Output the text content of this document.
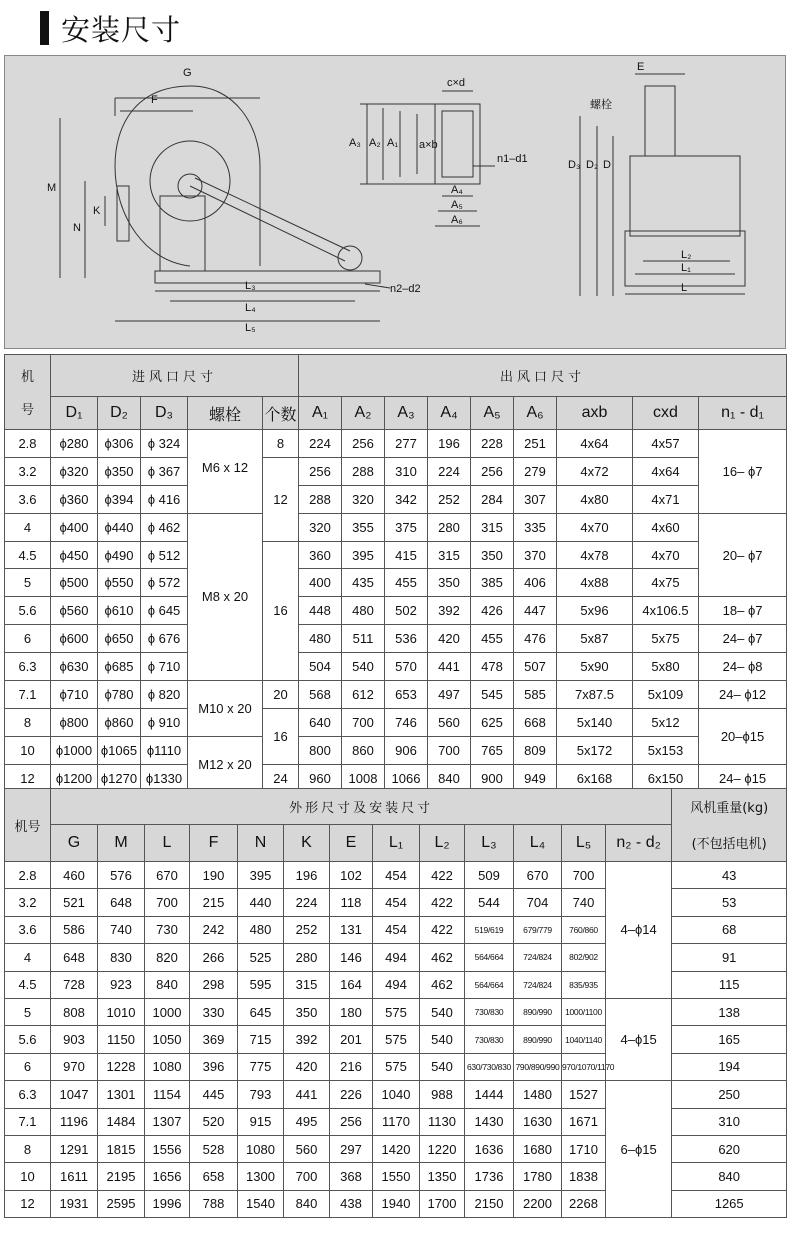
安装尺寸
G
F
M
N
K
L₃
L₄
L₅
n2–d2
c×d
a×b
A₃ A₂ A₁
A₄
A₅
A₆
n1–d1
E
螺栓
D₃ D₂ D
L₂
L₁
L
机
号	进风口尺寸					出风口尺寸								
	D₁	D₂	D₃	螺栓	个数	A₁	A₂	A₃	A₄	A₅	A₆	axb	cxd	n₁ - d₁
2.8	ϕ280	ϕ306	ϕ 324	M6 x 12	8	224	256	277	196	228	251	4x64	4x57	16– ϕ7
3.2	ϕ320	ϕ350	ϕ 367		12	256	288	310	224	256	279	4x72	4x64	
3.6	ϕ360	ϕ394	ϕ 416			288	320	342	252	284	307	4x80	4x71	
4	ϕ400	ϕ440	ϕ 462	M8 x 20		320	355	375	280	315	335	4x70	4x60	20– ϕ7
4.5	ϕ450	ϕ490	ϕ 512		16	360	395	415	315	350	370	4x78	4x70	
5	ϕ500	ϕ550	ϕ 572			400	435	455	350	385	406	4x88	4x75	
5.6	ϕ560	ϕ610	ϕ 645			448	480	502	392	426	447	5x96	4x106.5	18– ϕ7
6	ϕ600	ϕ650	ϕ 676			480	511	536	420	455	476	5x87	5x75	24– ϕ7
6.3	ϕ630	ϕ685	ϕ 710			504	540	570	441	478	507	5x90	5x80	24– ϕ8
7.1	ϕ710	ϕ780	ϕ 820	M10 x 20	20	568	612	653	497	545	585	7x87.5	5x109	24– ϕ12
8	ϕ800	ϕ860	ϕ 910		16	640	700	746	560	625	668	5x140	5x12	20–ϕ15
10	ϕ1000	ϕ1065	ϕ1110	M12 x 20		800	860	906	700	765	809	5x172	5x153	
12	ϕ1200	ϕ1270	ϕ1330		24	960	1008	1066	840	900	949	6x168	6x150	24– ϕ15
机号	外形尺寸及安装尺寸													风机重量(kg)
	G	M	L	F	N	K	E	L₁	L₂	L₃	L₄	L₅	n₂ - d₂	(不包括电机)
2.8	460	576	670	190	395	196	102	454	422	509	670	700	4–ϕ14	43
3.2	521	648	700	215	440	224	118	454	422	544	704	740		53
3.6	586	740	730	242	480	252	131	454	422	519/619	679/779	760/860		68
4	648	830	820	266	525	280	146	494	462	564/664	724/824	802/902		91
4.5	728	923	840	298	595	315	164	494	462	564/664	724/824	835/935		115
5	808	1010	1000	330	645	350	180	575	540	730/830	890/990	1000/1100	4–ϕ15	138
5.6	903	1150	1050	369	715	392	201	575	540	730/830	890/990	1040/1140		165
6	970	1228	1080	396	775	420	216	575	540	630/730/830	790/890/990	970/1070/1170		194
6.3	1047	1301	1154	445	793	441	226	1040	988	1444	1480	1527	6–ϕ15	250
7.1	1196	1484	1307	520	915	495	256	1170	1130	1430	1630	1671		310
8	1291	1815	1556	528	1080	560	297	1420	1220	1636	1680	1710		620
10	1611	2195	1656	658	1300	700	368	1550	1350	1736	1780	1838		840
12	1931	2595	1996	788	1540	840	438	1940	1700	2150	2200	2268		1265
